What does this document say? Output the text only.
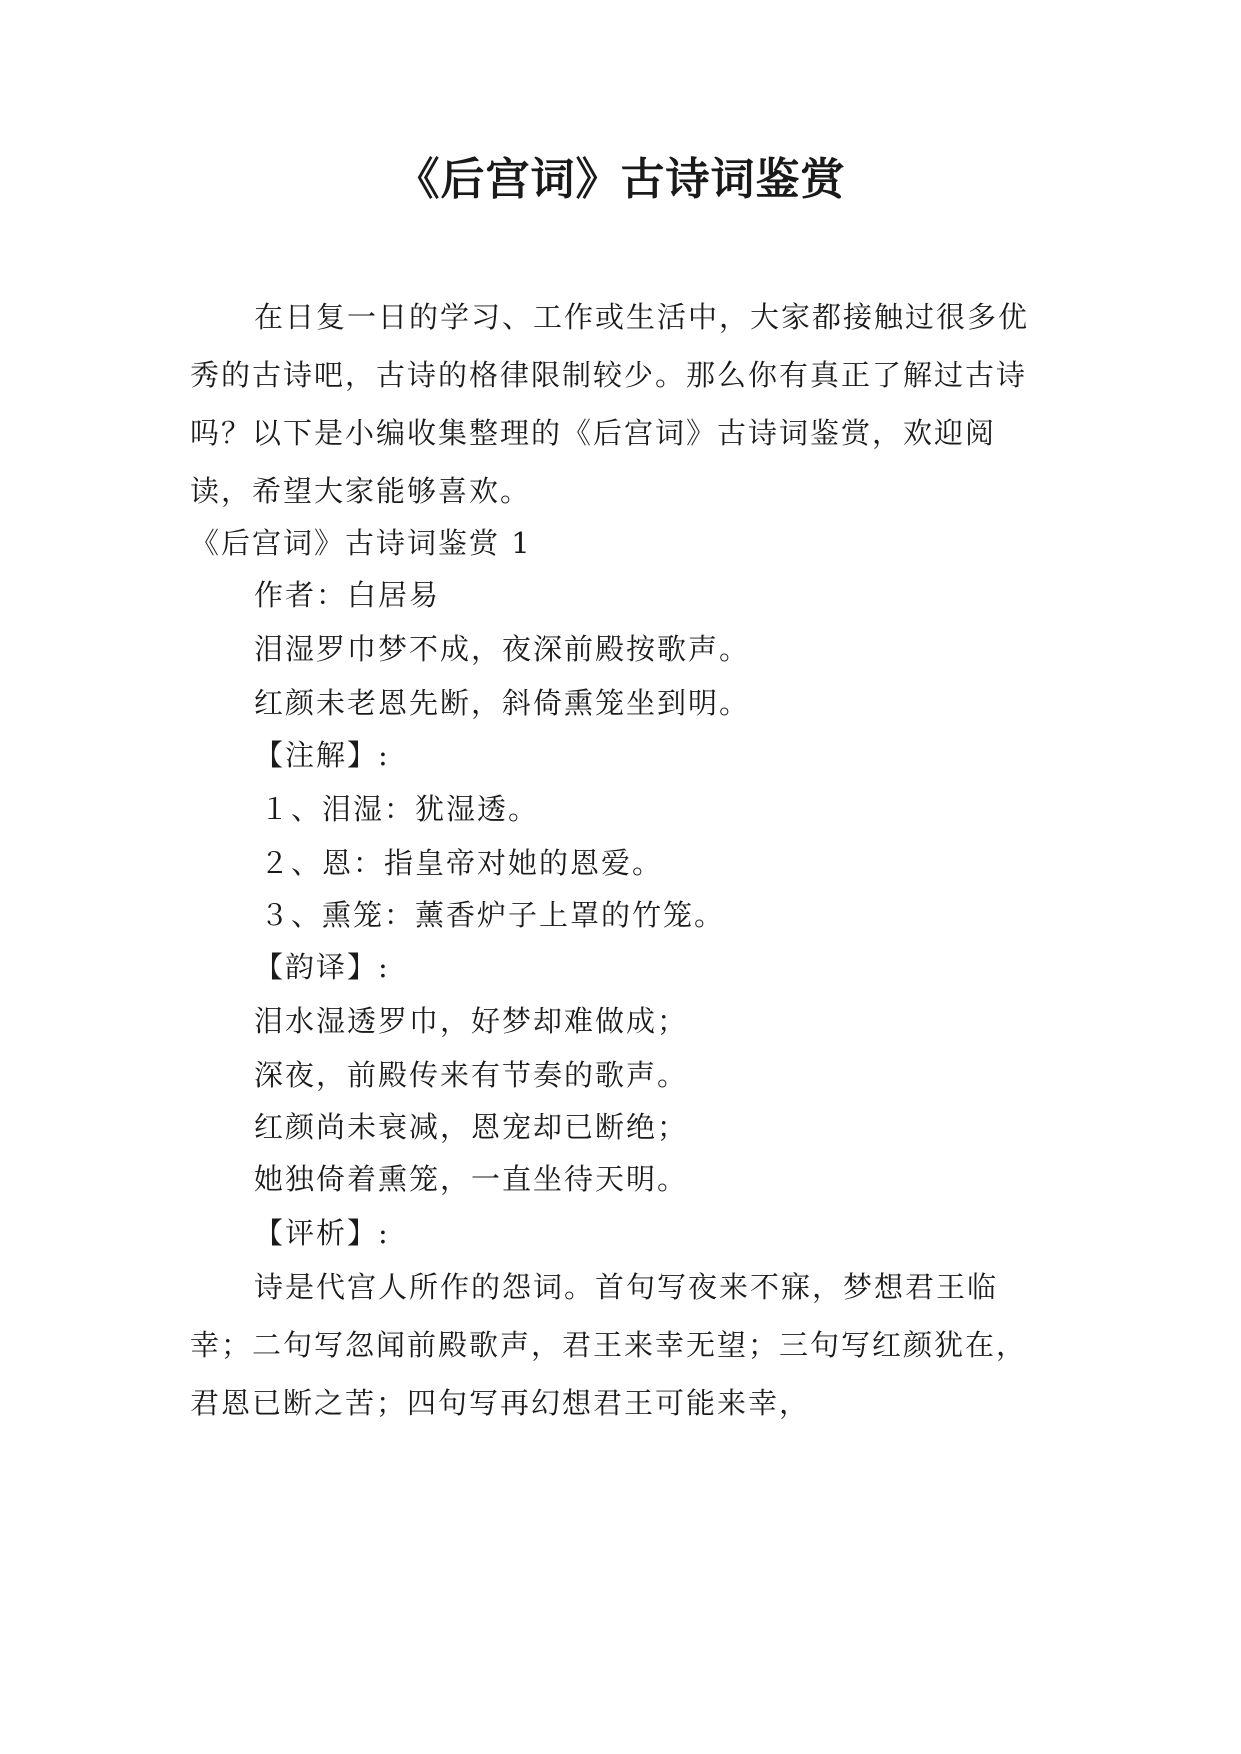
《后宫词》古诗词鉴赏
在日复一日的学习、工作或生活中，大家都接触过很多优秀的古诗吧，古诗的格律限制较少。那么你有真正了解过古诗吗？以下是小编收集整理的《后宫词》古诗词鉴赏，欢迎阅读，希望大家能够喜欢。
《后宫词》古诗词鉴赏 1
作者：白居易
泪湿罗巾梦不成，夜深前殿按歌声。
红颜未老恩先断，斜倚熏笼坐到明。
【注解】:
１、泪湿：犹湿透。
２、恩：指皇帝对她的恩爱。
３、熏笼：薰香炉子上罩的竹笼。
【韵译】:
泪水湿透罗巾，好梦却难做成；
深夜，前殿传来有节奏的歌声。
红颜尚未衰减，恩宠却已断绝；
她独倚着熏笼，一直坐待天明。
【评析】:
诗是代宫人所作的怨词。首句写夜来不寐，梦想君王临幸；二句写忽闻前殿歌声，君王来幸无望；三句写红颜犹在，君恩已断之苦；四句写再幻想君王可能来幸，
